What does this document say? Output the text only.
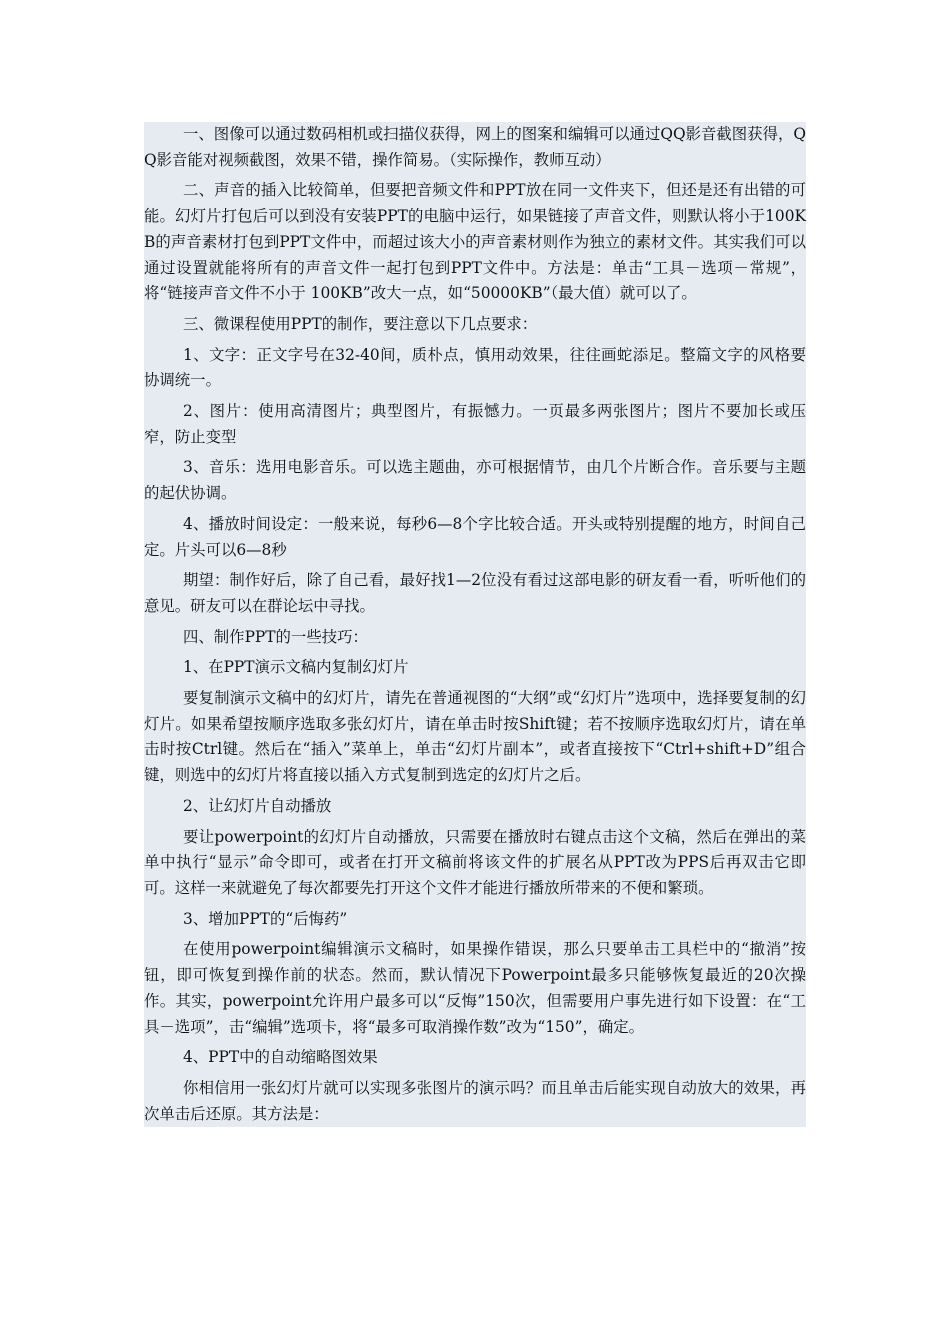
一、图像可以通过数码相机或扫描仪获得，网上的图案和编辑可以通过QQ影音截图获得，QQ影音能对视频截图，效果不错，操作简易。（实际操作，教师互动）

二、声音的插入比较简单，但要把音频文件和PPT放在同一文件夹下，但还是还有出错的可能。幻灯片打包后可以到没有安装PPT的电脑中运行，如果链接了声音文件，则默认将小于100KB的声音素材打包到PPT文件中，而超过该大小的声音素材则作为独立的素材文件。其实我们可以通过设置就能将所有的声音文件一起打包到PPT文件中。方法是：单击“工具－选项－常规”，将“链接声音文件不小于 100KB”改大一点，如“50000KB”（最大值）就可以了。

三、微课程使用PPT的制作，要注意以下几点要求：

1、文字：正文字号在32-40间，质朴点，慎用动效果，往往画蛇添足。整篇文字的风格要协调统一。

2、图片：使用高清图片；典型图片，有振憾力。一页最多两张图片；图片不要加长或压窄，防止变型

3、音乐：选用电影音乐。可以选主题曲，亦可根据情节，由几个片断合作。音乐要与主题的起伏协调。

4、播放时间设定：一般来说，每秒6—8个字比较合适。开头或特别提醒的地方，时间自己定。片头可以6—8秒

期望：制作好后，除了自己看，最好找1—2位没有看过这部电影的研友看一看，听听他们的意见。研友可以在群论坛中寻找。

四、制作PPT的一些技巧：

1、在PPT演示文稿内复制幻灯片

要复制演示文稿中的幻灯片，请先在普通视图的“大纲”或“幻灯片”选项中，选择要复制的幻灯片。如果希望按顺序选取多张幻灯片，请在单击时按Shift键；若不按顺序选取幻灯片，请在单击时按Ctrl键。然后在“插入”菜单上，单击“幻灯片副本”，或者直接按下“Ctrl+shift+D”组合键，则选中的幻灯片将直接以插入方式复制到选定的幻灯片之后。

2、让幻灯片自动播放

要让powerpoint的幻灯片自动播放，只需要在播放时右键点击这个文稿，然后在弹出的菜单中执行“显示”命令即可，或者在打开文稿前将该文件的扩展名从PPT改为PPS后再双击它即可。这样一来就避免了每次都要先打开这个文件才能进行播放所带来的不便和繁琐。

3、增加PPT的“后悔药”

在使用powerpoint编辑演示文稿时，如果操作错误，那么只要单击工具栏中的“撤消”按钮，即可恢复到操作前的状态。然而，默认情况下Powerpoint最多只能够恢复最近的20次操作。其实，powerpoint允许用户最多可以“反悔”150次，但需要用户事先进行如下设置：在“工具－选项”，击“编辑”选项卡，将“最多可取消操作数”改为“150”，确定。

4、PPT中的自动缩略图效果

你相信用一张幻灯片就可以实现多张图片的演示吗？而且单击后能实现自动放大的效果，再次单击后还原。其方法是：
